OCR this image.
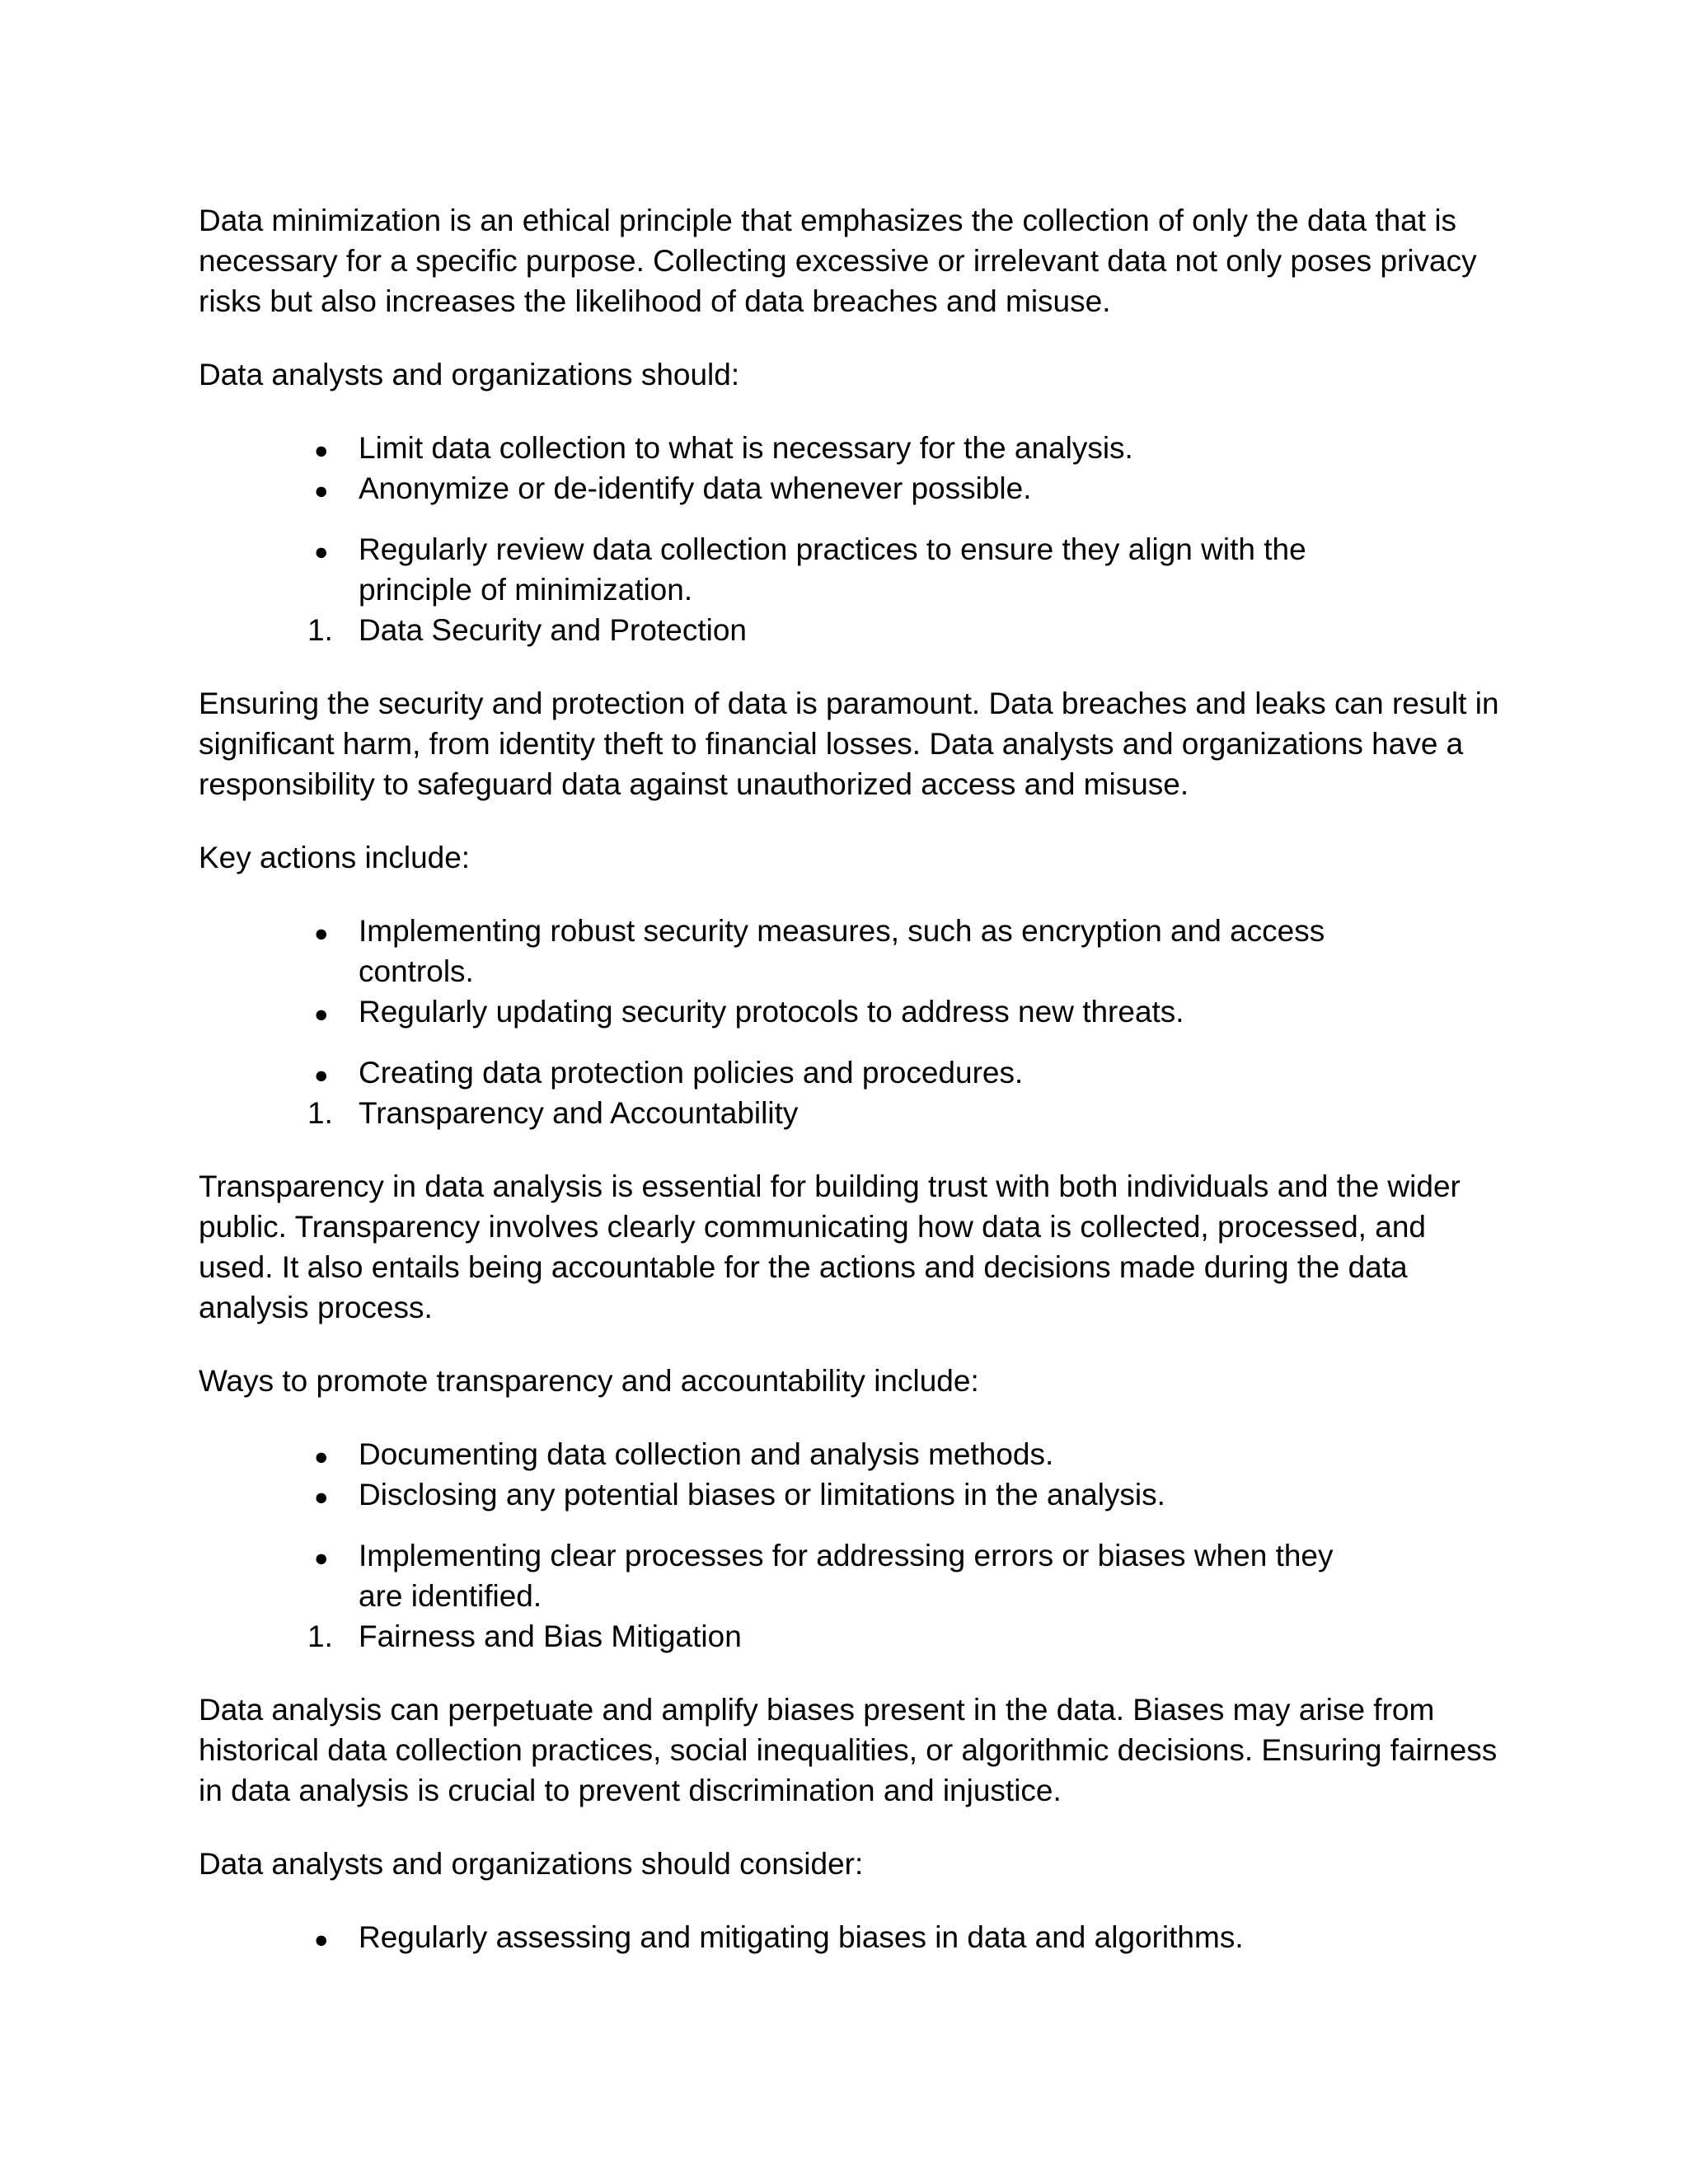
Data minimization is an ethical principle that emphasizes the collection of only the data that is necessary for a specific purpose. Collecting excessive or irrelevant data not only poses privacy risks but also increases the likelihood of data breaches and misuse.

Data analysts and organizations should:

● Limit data collection to what is necessary for the analysis.
● Anonymize or de-identify data whenever possible.
● Regularly review data collection practices to ensure they align with the principle of minimization.
1. Data Security and Protection

Ensuring the security and protection of data is paramount. Data breaches and leaks can result in significant harm, from identity theft to financial losses. Data analysts and organizations have a responsibility to safeguard data against unauthorized access and misuse.

Key actions include:

● Implementing robust security measures, such as encryption and access controls.
● Regularly updating security protocols to address new threats.
● Creating data protection policies and procedures.
1. Transparency and Accountability

Transparency in data analysis is essential for building trust with both individuals and the wider public. Transparency involves clearly communicating how data is collected, processed, and used. It also entails being accountable for the actions and decisions made during the data analysis process.

Ways to promote transparency and accountability include:

● Documenting data collection and analysis methods.
● Disclosing any potential biases or limitations in the analysis.
● Implementing clear processes for addressing errors or biases when they are identified.
1. Fairness and Bias Mitigation

Data analysis can perpetuate and amplify biases present in the data. Biases may arise from historical data collection practices, social inequalities, or algorithmic decisions. Ensuring fairness in data analysis is crucial to prevent discrimination and injustice.

Data analysts and organizations should consider:

● Regularly assessing and mitigating biases in data and algorithms.
